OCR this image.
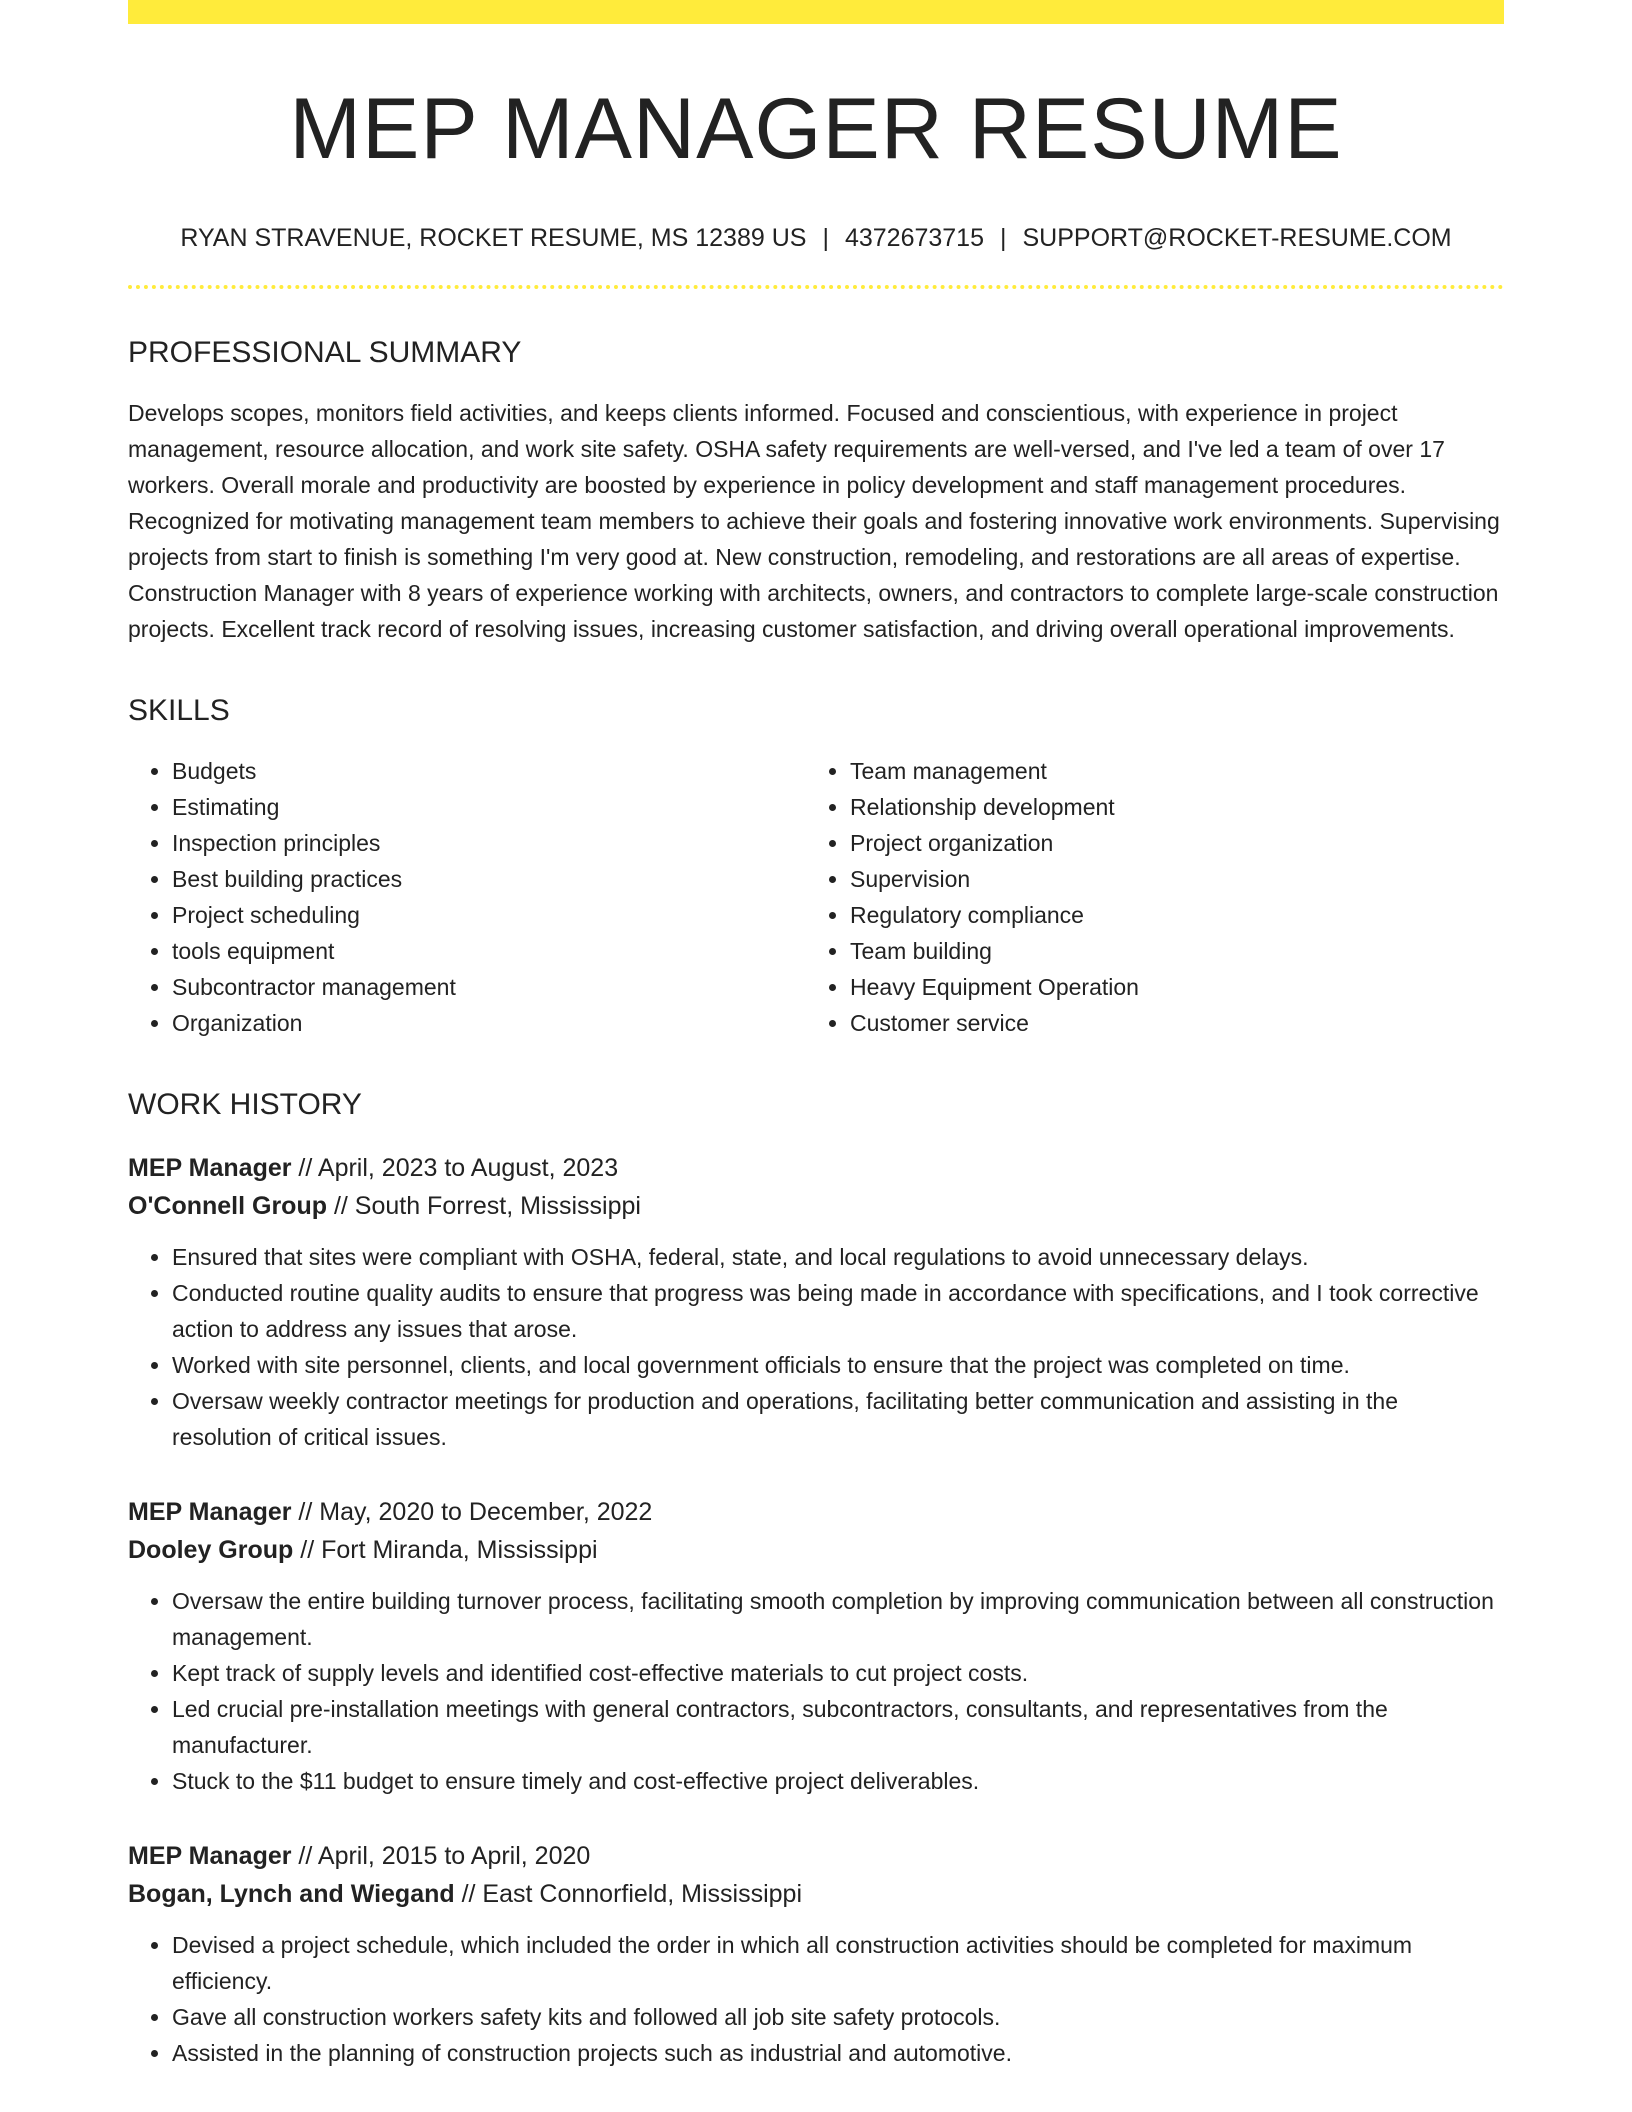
MEP MANAGER RESUME
RYAN STRAVENUE, ROCKET RESUME, MS 12389 US | 4372673715 | SUPPORT@ROCKET-RESUME.COM
PROFESSIONAL SUMMARY

Develops scopes, monitors field activities, and keeps clients informed. Focused and conscientious, with experience in project management, resource allocation, and work site safety. OSHA safety requirements are well-versed, and I've led a team of over 17 workers. Overall morale and productivity are boosted by experience in policy development and staff management procedures. Recognized for motivating management team members to achieve their goals and fostering innovative work environments. Supervising projects from start to finish is something I'm very good at. New construction, remodeling, and restorations are all areas of expertise. Construction Manager with 8 years of experience working with architects, owners, and contractors to complete large-scale construction projects. Excellent track record of resolving issues, increasing customer satisfaction, and driving overall operational improvements.

SKILLS
• Budgets
• Estimating
• Inspection principles
• Best building practices
• Project scheduling
• tools equipment
• Subcontractor management
• Organization
• Team management
• Relationship development
• Project organization
• Supervision
• Regulatory compliance
• Team building
• Heavy Equipment Operation
• Customer service
WORK HISTORY
MEP Manager // April, 2023 to August, 2023
O'Connell Group // South Forrest, Mississippi
• Ensured that sites were compliant with OSHA, federal, state, and local regulations to avoid unnecessary delays.
• Conducted routine quality audits to ensure that progress was being made in accordance with specifications, and I took corrective action to address any issues that arose.
• Worked with site personnel, clients, and local government officials to ensure that the project was completed on time.
• Oversaw weekly contractor meetings for production and operations, facilitating better communication and assisting in the resolution of critical issues.
MEP Manager // May, 2020 to December, 2022
Dooley Group // Fort Miranda, Mississippi
• Oversaw the entire building turnover process, facilitating smooth completion by improving communication between all construction management.
• Kept track of supply levels and identified cost-effective materials to cut project costs.
• Led crucial pre-installation meetings with general contractors, subcontractors, consultants, and representatives from the manufacturer.
• Stuck to the $11 budget to ensure timely and cost-effective project deliverables.
MEP Manager // April, 2015 to April, 2020
Bogan, Lynch and Wiegand // East Connorfield, Mississippi
• Devised a project schedule, which included the order in which all construction activities should be completed for maximum efficiency.
• Gave all construction workers safety kits and followed all job site safety protocols.
• Assisted in the planning of construction projects such as industrial and automotive.
